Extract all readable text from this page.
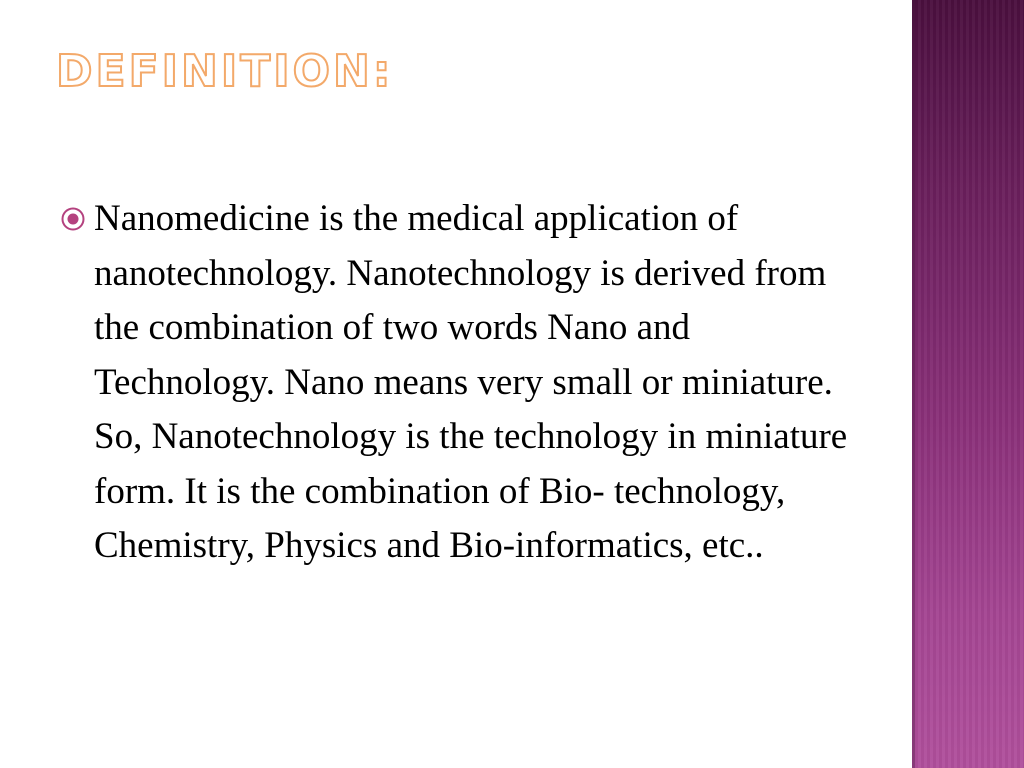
DEFINITION:
Nanomedicine is the medical application of nanotechnology. Nanotechnology is derived from the combination of two words Nano and Technology. Nano means very small or miniature. So, Nanotechnology is the technology in miniature form. It is the combination of Bio- technology, Chemistry, Physics and Bio-informatics, etc..
